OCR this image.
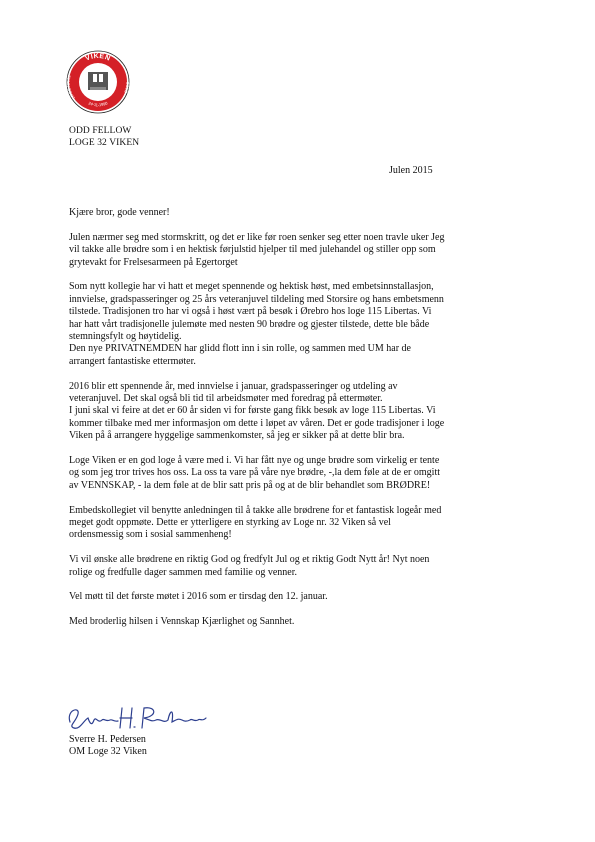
VIKEN
LOGE NR.32
OSLO
24-11-1990
ODD FELLOW
LOGE 32 VIKEN
Julen 2015

Kjære bror, gode venner!

Julen nærmer seg med stormskritt, og det er like før roen senker seg etter noen travle uker Jeg
vil takke alle brødre som i en hektisk førjulstid hjelper til med julehandel og stiller opp som
grytevakt for Frelsesarmeen på Egertorget

Som nytt kollegie har vi hatt et meget spennende og hektisk høst, med embetsinnstallasjon,
innvielse, gradspasseringer og 25 års veteranjuvel tildeling med Storsire og hans embetsmenn
tilstede. Tradisjonen tro har vi også i høst vært på besøk i Ørebro hos loge 115 Libertas. Vi
har hatt vårt tradisjonelle julemøte med nesten 90 brødre og gjester tilstede, dette ble både
stemningsfylt og høytidelig.
Den nye PRIVATNEMDEN har glidd flott inn i sin rolle, og sammen med UM har de
arrangert fantastiske ettermøter.

2016 blir ett spennende år, med innvielse i januar, gradspasseringer og utdeling av
veteranjuvel. Det skal også bli tid til arbeidsmøter med foredrag på ettermøter.
I juni skal vi feire at det er 60 år siden vi for første gang fikk besøk av loge 115 Libertas. Vi
kommer tilbake med mer informasjon om dette i løpet av våren. Det er gode tradisjoner i loge
Viken på å arrangere hyggelige sammenkomster, så jeg er sikker på at dette blir bra.

Loge Viken er en god loge å være med i. Vi har fått nye og unge brødre som virkelig er tente
og som jeg tror trives hos oss. La oss ta vare på våre nye brødre, -,la dem føle at de er omgitt
av VENNSKAP, - la dem føle at de blir satt pris på og at de blir behandlet som BRØDRE!

Embedskollegiet vil benytte anledningen til å takke alle brødrene for et fantastisk logeår med
meget godt oppmøte. Dette er ytterligere en styrking av Loge nr. 32 Viken så vel
ordensmessig som i sosial sammenheng!

Vi vil ønske alle brødrene en riktig God og fredfylt Jul og et riktig Godt Nytt år! Nyt noen
rolige og fredfulle dager sammen med familie og venner.

Vel møtt til det første møtet i 2016 som er tirsdag den 12. januar.

Med broderlig hilsen i Vennskap Kjærlighet og Sannhet.

Sverre H. Pedersen
OM Loge 32 Viken
